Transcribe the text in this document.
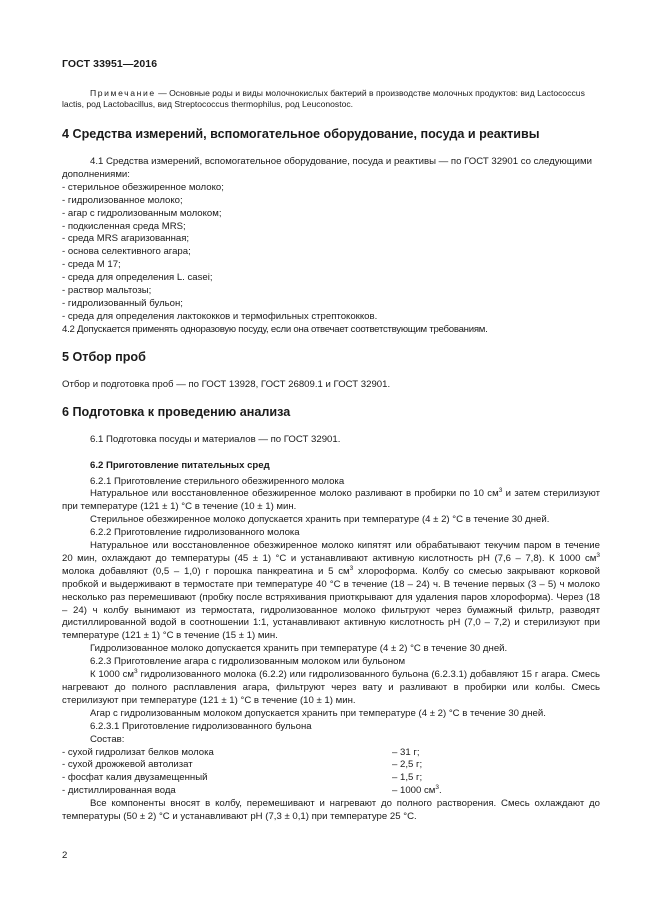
ГОСТ 33951—2016

Примечание — Основные роды и виды молочнокислых бактерий в производстве молочных продуктов: вид Lactococcus lactis, род Lactobacillus, вид Streptococcus thermophilus, род Leuconostoc.

4 Средства измерений, вспомогательное оборудование, посуда и реактивы

4.1 Средства измерений, вспомогательное оборудование, посуда и реактивы — по ГОСТ 32901 со следующими дополнениями:

- стерильное обезжиренное молоко;
- гидролизованное молоко;
- агар с гидролизованным молоком;
- подкисленная среда MRS;
- среда MRS агаризованная;
- основа селективного агара;
- среда М 17;
- среда для определения L. casei;
- раствор мальтозы;
- гидролизованный бульон;
- среда для определения лактококков и термофильных стрептококков.

4.2 Допускается применять одноразовую посуду, если она отвечает соответствующим требованиям.

5 Отбор проб

Отбор и подготовка проб — по ГОСТ 13928, ГОСТ 26809.1 и ГОСТ 32901.

6 Подготовка к проведению анализа

6.1 Подготовка посуды и материалов — по ГОСТ 32901.

6.2 Приготовление питательных сред

6.2.1 Приготовление стерильного обезжиренного молока

Натуральное или восстановленное обезжиренное молоко разливают в пробирки по 10 $см^3$ и затем стерилизуют при температуре (121 ± 1) °С в течение (10 ± 1) мин.

Стерильное обезжиренное молоко допускается хранить при температуре (4 ± 2) °С в течение 30 дней.

6.2.2 Приготовление гидролизованного молока

Натуральное или восстановленное обезжиренное молоко кипятят или обрабатывают текучим паром в течение 20 мин, охлаждают до температуры (45 ± 1) °С и устанавливают активную кислотность pH (7,6 – 7,8). К 1000 $см^3$ молока добавляют (0,5 – 1,0) г порошка панкреатина и 5 $см^3$ хлороформа. Колбу со смесью закрывают корковой пробкой и выдерживают в термостате при температуре 40 °С в течение (18 – 24) ч. В течение первых (3 – 5) ч молоко несколько раз перемешивают (пробку после встряхивания приоткрывают для удаления паров хлороформа). Через (18 – 24) ч колбу вынимают из термостата, гидролизованное молоко фильтруют через бумажный фильтр, разводят дистиллированной водой в соотношении 1:1, устанавливают активную кислотность pH (7,0 – 7,2) и стерилизуют при температуре (121 ± 1) °С в течение (15 ± 1) мин.

Гидролизованное молоко допускается хранить при температуре (4 ± 2) °С в течение 30 дней.

6.2.3 Приготовление агара с гидролизованным молоком или бульоном

К 1000 $см^3$ гидролизованного молока (6.2.2) или гидролизованного бульона (6.2.3.1) добавляют 15 г агара. Смесь нагревают до полного расплавления агара, фильтруют через вату и разливают в пробирки или колбы. Смесь стерилизуют при температуре (121 ± 1) °С в течение (10 ± 1) мин.

Агар с гидролизованным молоком допускается хранить при температуре (4 ± 2) °С в течение 30 дней.

6.2.3.1 Приготовление гидролизованного бульона

Состав:

- сухой гидролизат белков молока	– 31 г;
- сухой дрожжевой автолизат	– 2,5 г;
- фосфат калия двузамещенный	– 1,5 г;
- дистиллированная вода	– 1000 $см^3$.

Все компоненты вносят в колбу, перемешивают и нагревают до полного растворения. Смесь охлаждают до температуры (50 ± 2) °С и устанавливают pH (7,3 ± 0,1) при температуре 25 °С.

2
